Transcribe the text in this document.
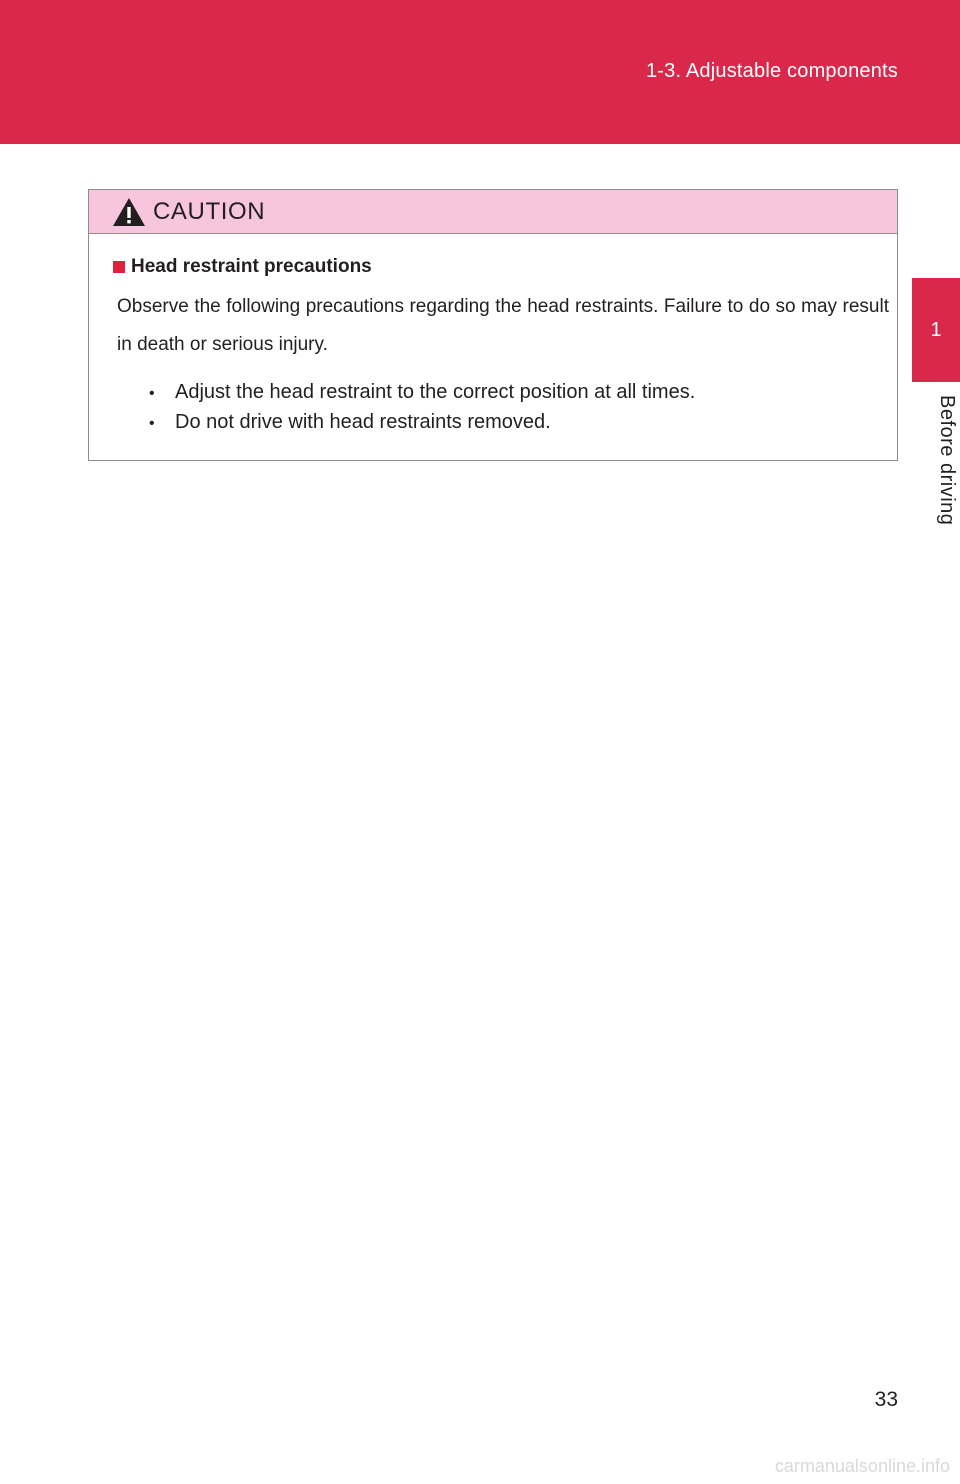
1-3. Adjustable components
1
Before driving
CAUTION
Head restraint precautions

Observe the following precautions regarding the head restraints. Failure to do so may result in death or serious injury.

•	Adjust the head restraint to the correct position at all times.
•	Do not drive with head restraints removed.
33
carmanualsonline.info
